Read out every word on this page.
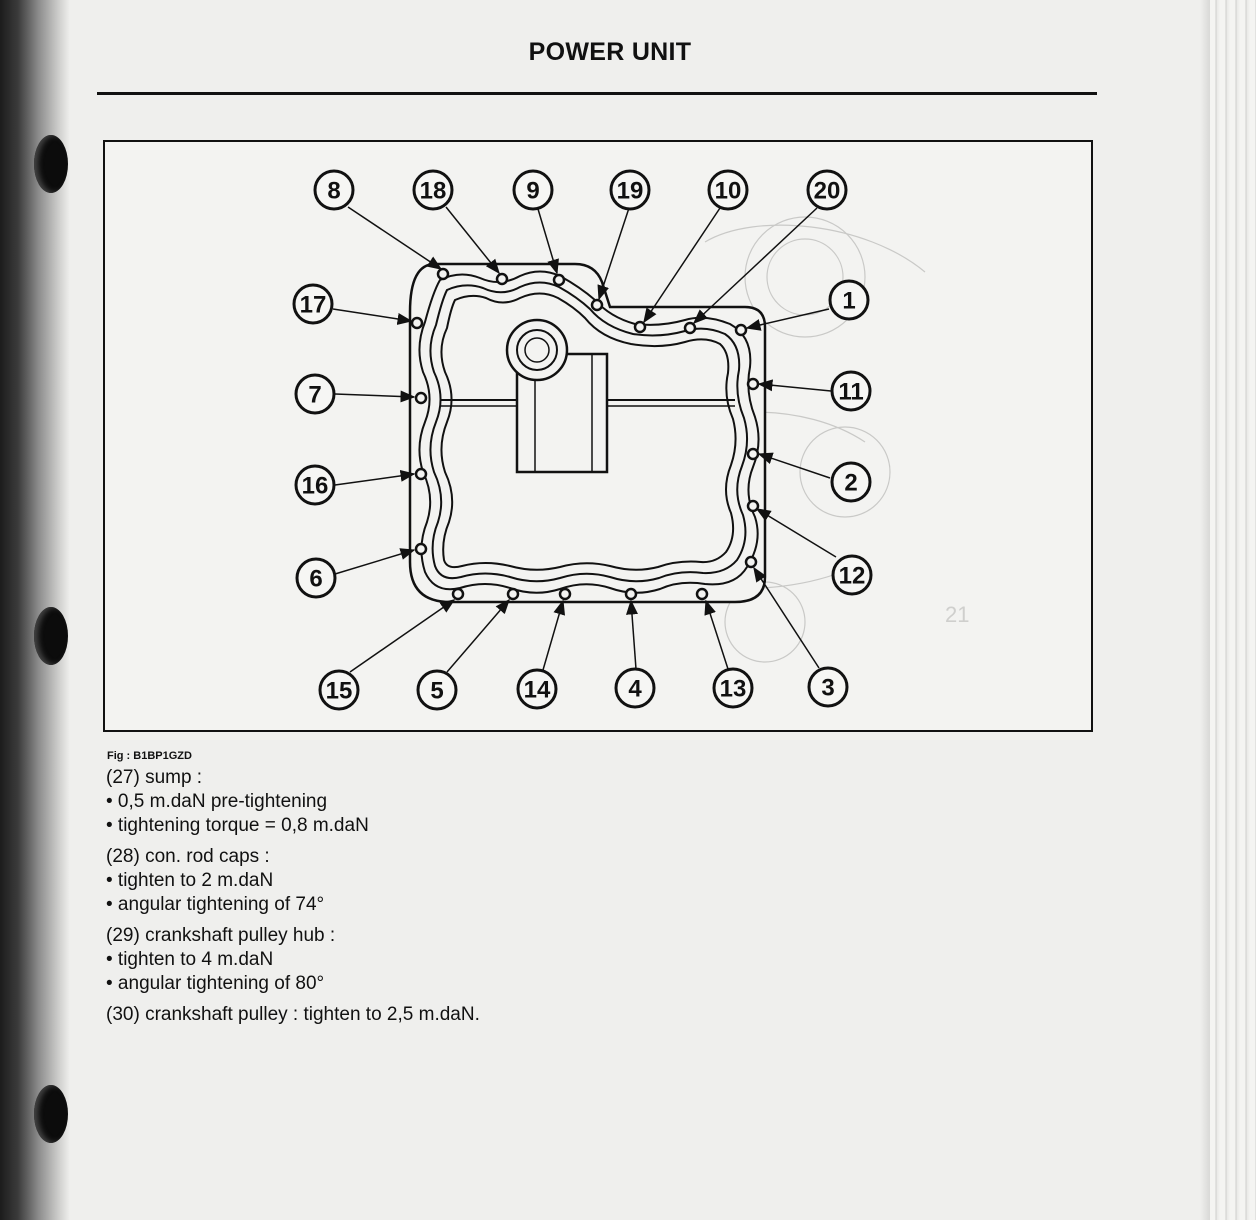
POWER UNIT
21
8	18	9	19	10	20
17	1
7	11
16	2
6	12
15	5	14	4	13	3
Fig : B1BP1GZD
(27) sump :
• 0,5 m.daN pre-tightening
• tightening torque = 0,8 m.daN
(28) con. rod caps :
• tighten to 2 m.daN
• angular tightening of 74°
(29) crankshaft pulley hub :
• tighten to 4 m.daN
• angular tightening of 80°
(30) crankshaft pulley : tighten to 2,5 m.daN.
